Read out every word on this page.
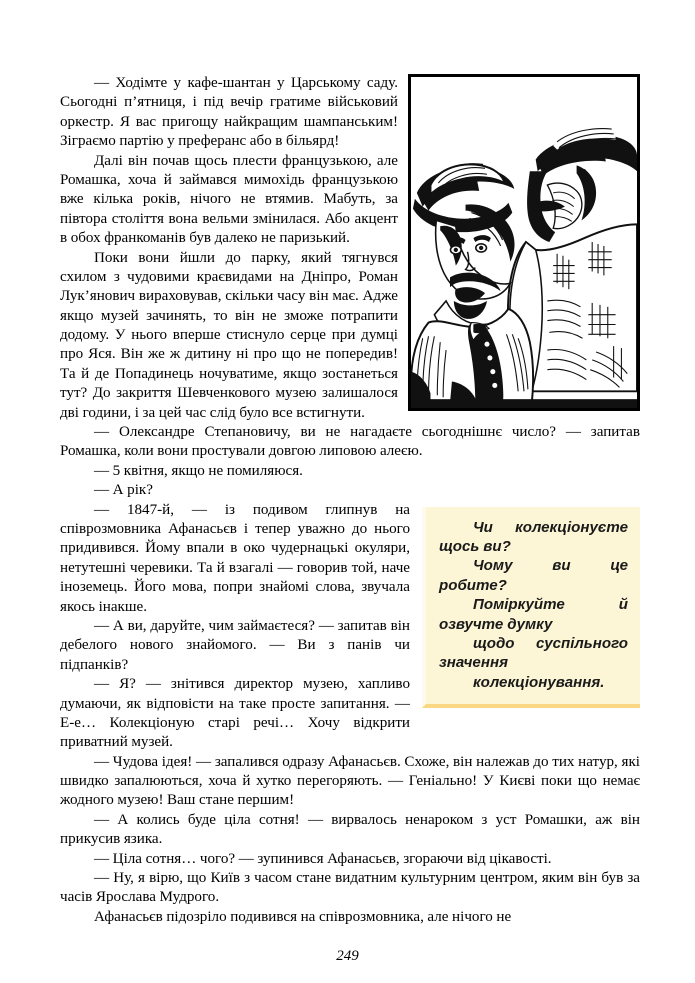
— Ходімте у кафе-шантан у Царському саду. Сьогодні п’ятниця, і під вечір гратиме військовий оркестр. Я вас пригощу найкращим шампанським! Зіграємо партію у преферанс або в більярд!

Далі він почав щось плести французькою, але Ромашка, хоча й займався мимохідь французькою вже кілька років, нічого не втямив. Мабуть, за півтора століття вона вельми змінилася. Або акцент в обох франкоманів був далеко не паризький.

Поки вони йшли до парку, який тягнувся схилом з чудовими краєвидами на Дніпро, Роман Лук’янович вираховував, скільки часу він має. Адже якщо музей зачинять, то він не зможе потрапити додому. У нього вперше стиснуло серце при думці про Яся. Він же ж дитину ні про що не попередив! Та й де Попадинець ночуватиме, якщо зостанеться тут? До закриття Шевченкового музею залишалося дві години, і за цей час слід було все встигнути.

— Олександре Степановичу, ви не нагадаєте сьогоднішнє число? — запитав Ромашка, коли вони простували довгою липовою алеєю.

— 5 квітня, якщо не помиляюся.

— А рік?

Чи колекціонуєте щось ви?

Чому ви це робите?

Поміркуйте й озвучте думку

щодо суспільного значення

колекціонування.

— 1847-й, — із подивом глипнув на співрозмовника Афанасьєв і тепер уважно до нього придивився. Йому впали в око чудернацькі окуляри, нетутешні черевики. Та й взагалі — говорив той, наче іноземець. Його мова, попри знайомі слова, звучала якось інакше.

— А ви, даруйте, чим займаєтеся? — запитав він дебелого нового знайомого. — Ви з панів чи підпанків?

— Я? — знітився директор музею, хапливо думаючи, як відповісти на таке просте запитання. — Е-е… Колекціоную старі речі… Хочу відкрити приватний музей.

— Чудова ідея! — запалився одразу Афанасьєв. Схоже, він належав до тих натур, які швидко запалюються, хоча й хутко перегоряють. — Геніально! У Києві поки що немає жодного музею! Ваш стане першим!

— А колись буде ціла сотня! — вирвалось ненароком з уст Ромашки, аж він прикусив язика.

— Ціла сотня… чого? — зупинився Афанасьєв, згораючи від цікавості.

— Ну, я вірю, що Київ з часом стане видатним культурним центром, яким він був за часів Ярослава Мудрого.

Афанасьєв підозріло подивився на співрозмовника, але нічого не

249
